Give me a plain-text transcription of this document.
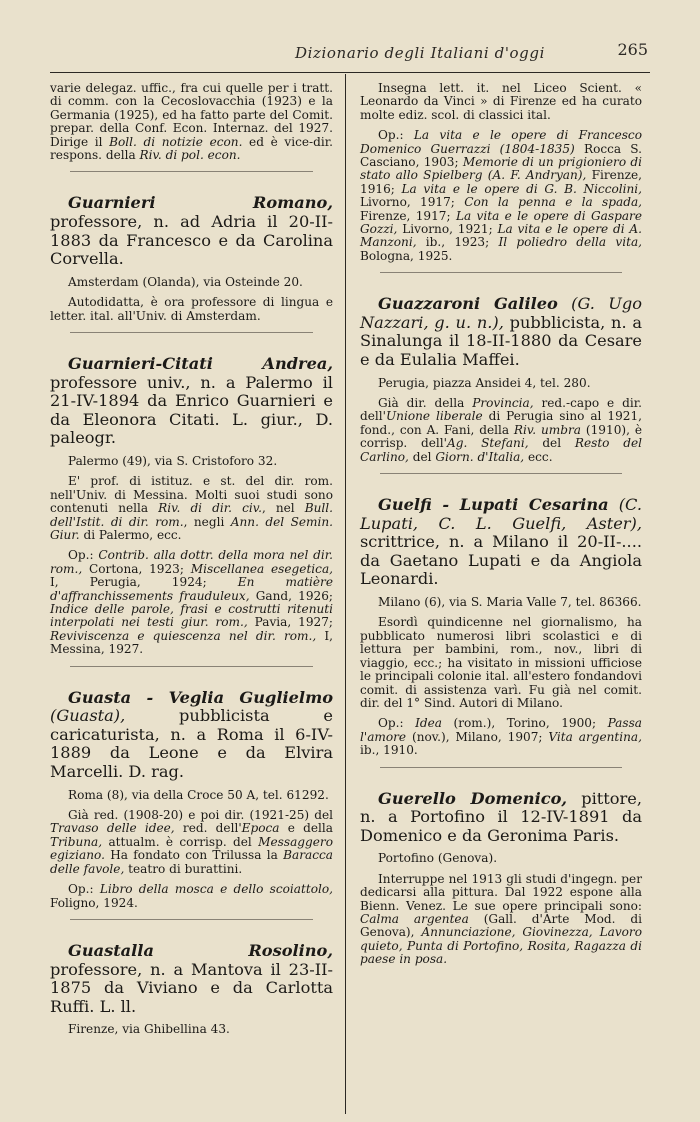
Dizionario degli Italiani d'oggi	265

varie delegaz. uffic., fra cui quelle per i tratt. di comm. con la Cecoslovacchia (1923) e la Germania (1925), ed ha fatto parte del Comit. prepar. della Conf. Econ. Internaz. del 1927. Dirige il Boll. di notizie econ. ed è vice-dir. respons. della Riv. di pol. econ.

Guarnieri Romano, professore, n. ad Adria il 20-II-1883 da Francesco e da Carolina Corvella.

Amsterdam (Olanda), via Osteinde 20.

Autodidatta, è ora professore di lingua e letter. ital. all'Univ. di Amsterdam.

Guarnieri-Citati Andrea, professore univ., n. a Palermo il 21-IV-1894 da Enrico Guarnieri e da Eleonora Citati. L. giur., D. paleogr.

Palermo (49), via S. Cristoforo 32.

E' prof. di istituz. e st. del dir. rom. nell'Univ. di Messina. Molti suoi studi sono contenuti nella Riv. di dir. civ., nel Bull. dell'Istit. di dir. rom., negli Ann. del Semin. Giur. di Palermo, ecc.

Op.: Contrib. alla dottr. della mora nel dir. rom., Cortona, 1923; Miscellanea esegetica, I, Perugia, 1924; En matière d'affranchissements frauduleux, Gand, 1926; Indice delle parole, frasi e costrutti ritenuti interpolati nei testi giur. rom., Pavia, 1927; Reviviscenza e quiescenza nel dir. rom., I, Messina, 1927.

Guasta - Veglia Guglielmo (Guasta), pubblicista e caricaturista, n. a Roma il 6-IV-1889 da Leone e da Elvira Marcelli. D. rag.

Roma (8), via della Croce 50 A, tel. 61292.

Già red. (1908-20) e poi dir. (1921-25) del Travaso delle idee, red. dell'Epoca e della Tribuna, attualm. è corrisp. del Messaggero egiziano. Ha fondato con Trilussa la Baracca delle favole, teatro di burattini.

Op.: Libro della mosca e dello scoiattolo, Foligno, 1924.

Guastalla Rosolino, professore, n. a Mantova il 23-II-1875 da Viviano e da Carlotta Ruffi. L. ll.

Firenze, via Ghibellina 43.

Insegna lett. it. nel Liceo Scient. « Leonardo da Vinci » di Firenze ed ha curato molte ediz. scol. di classici ital.

Op.: La vita e le opere di Francesco Domenico Guerrazzi (1804-1835) Rocca S. Casciano, 1903; Memorie di un prigioniero di stato allo Spielberg (A. F. Andryan), Firenze, 1916; La vita e le opere di G. B. Niccolini, Livorno, 1917; Con la penna e la spada, Firenze, 1917; La vita e le opere di Gaspare Gozzi, Livorno, 1921; La vita e le opere di A. Manzoni, ib., 1923; Il poliedro della vita, Bologna, 1925.

Guazzaroni Galileo (G. Ugo Nazzari, g. u. n.), pubblicista, n. a Sinalunga il 18-II-1880 da Cesare e da Eulalia Maffei.

Perugia, piazza Ansidei 4, tel. 280.

Già dir. della Provincia, red.-capo e dir. dell'Unione liberale di Perugia sino al 1921, fond., con A. Fani, della Riv. umbra (1910), è corrisp. dell'Ag. Stefani, del Resto del Carlino, del Giorn. d'Italia, ecc.

Guelfi - Lupati Cesarina (C. Lupati, C. L. Guelfi, Aster), scrittrice, n. a Milano il 20-II-.... da Gaetano Lupati e da Angiola Leonardi.

Milano (6), via S. Maria Valle 7, tel. 86366.

Esordì quindicenne nel giornalismo, ha pubblicato numerosi libri scolastici e di lettura per bambini, rom., nov., libri di viaggio, ecc.; ha visitato in missioni ufficiose le principali colonie ital. all'estero fondandovi comit. di assistenza varì. Fu già nel comit. dir. del 1° Sind. Autori di Milano.

Op.: Idea (rom.), Torino, 1900; Passa l'amore (nov.), Milano, 1907; Vita argentina, ib., 1910.

Guerello Domenico, pittore, n. a Portofino il 12-IV-1891 da Domenico e da Geronima Paris.

Portofino (Genova).

Interruppe nel 1913 gli studi d'ingegn. per dedicarsi alla pittura. Dal 1922 espone alla Bienn. Venez. Le sue opere principali sono: Calma argentea (Gall. d'Arte Mod. di Genova), Annunciazione, Giovinezza, Lavoro quieto, Punta di Portofino, Rosita, Ragazza di paese in posa.
